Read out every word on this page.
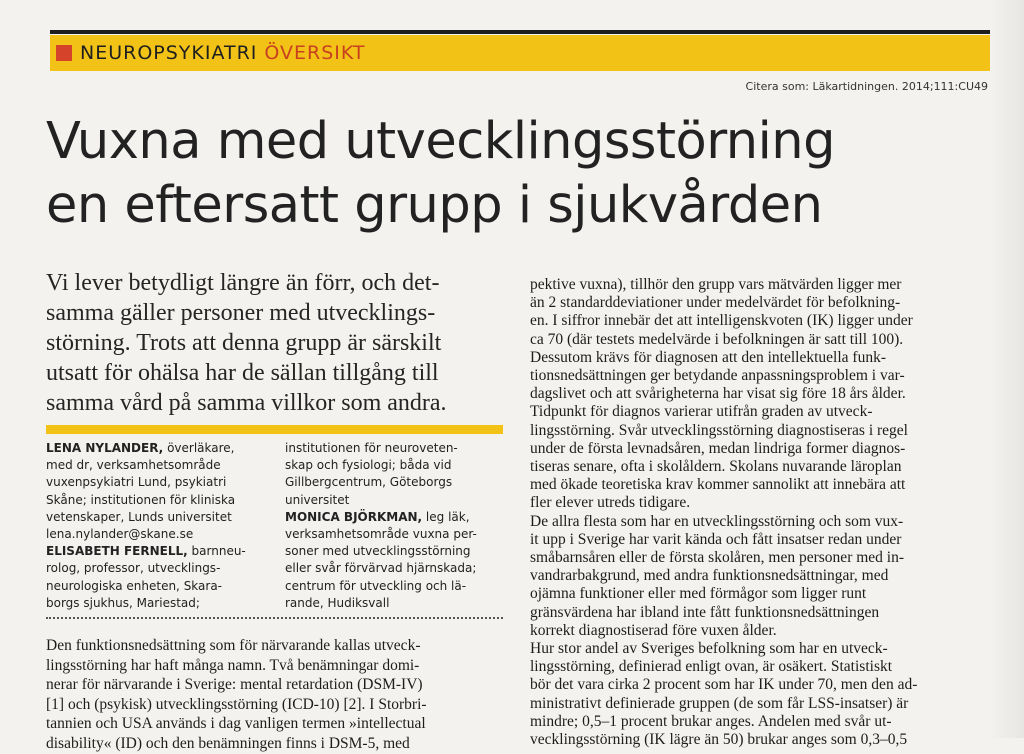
NEUROPSYKIATRI ÖVERSIKT
Citera som: Läkartidningen. 2014;111:CU49
Vuxna med utvecklingsstörning
en eftersatt grupp i sjukvården
Vi lever betydligt längre än förr, och det-
samma gäller personer med utvecklings-
störning. Trots att denna grupp är särskilt
utsatt för ohälsa har de sällan tillgång till
samma vård på samma villkor som andra.
LENA NYLANDER, överläkare,
med dr, verksamhetsområde
vuxenpsykiatri Lund, psykiatri
Skåne; institutionen för kliniska
vetenskaper, Lunds universitet
lena.nylander@skane.se
ELISABETH FERNELL, barnneu-
rolog, professor, utvecklings-
neurologiska enheten, Skara-
borgs sjukhus, Mariestad;
institutionen för neuroveten-
skap och fysiologi; båda vid
Gillbergcentrum, Göteborgs
universitet
MONICA BJÖRKMAN, leg läk,
verksamhetsområde vuxna per-
soner med utvecklingsstörning
eller svår förvärvad hjärnskada;
centrum för utveckling och lä-
rande, Hudiksvall
Den funktionsnedsättning som för närvarande kallas utveck-
lingsstörning har haft många namn. Två benämningar domi-
nerar för närvarande i Sverige: mental retardation (DSM-IV)
[1] och (psykisk) utvecklingsstörning (ICD-10) [2]. I Storbri-
tannien och USA används i dag vanligen termen »intellectual
disability« (ID) och den benämningen finns i DSM-5, med
pektive vuxna), tillhör den grupp vars mätvärden ligger mer
än 2 standarddeviationer under medelvärdet för befolkning-
en. I siffror innebär det att intelligenskvoten (IK) ligger under
ca 70 (där testets medelvärde i befolkningen är satt till 100).
Dessutom krävs för diagnosen att den intellektuella funk-
tionsnedsättningen ger betydande anpassningsproblem i var-
dagslivet och att svårigheterna har visat sig före 18 års ålder.
Tidpunkt för diagnos varierar utifrån graden av utveck-
lingsstörning. Svår utvecklingsstörning diagnostiseras i regel
under de första levnadsåren, medan lindriga former diagnos-
tiseras senare, ofta i skolåldern. Skolans nuvarande läroplan
med ökade teoretiska krav kommer sannolikt att innebära att
fler elever utreds tidigare.
De allra flesta som har en utvecklingsstörning och som vux-
it upp i Sverige har varit kända och fått insatser redan under
småbarnsåren eller de första skolåren, men personer med in-
vandrarbakgrund, med andra funktionsnedsättningar, med
ojämna funktioner eller med förmågor som ligger runt
gränsvärdena har ibland inte fått funktionsnedsättningen
korrekt diagnostiserad före vuxen ålder.
Hur stor andel av Sveriges befolkning som har en utveck-
lingsstörning, definierad enligt ovan, är osäkert. Statistiskt
bör det vara cirka 2 procent som har IK under 70, men den ad-
ministrativt definierade gruppen (de som får LSS-insatser) är
mindre; 0,5–1 procent brukar anges. Andelen med svår ut-
vecklingsstörning (IK lägre än 50) brukar anges som 0,3–0,5
